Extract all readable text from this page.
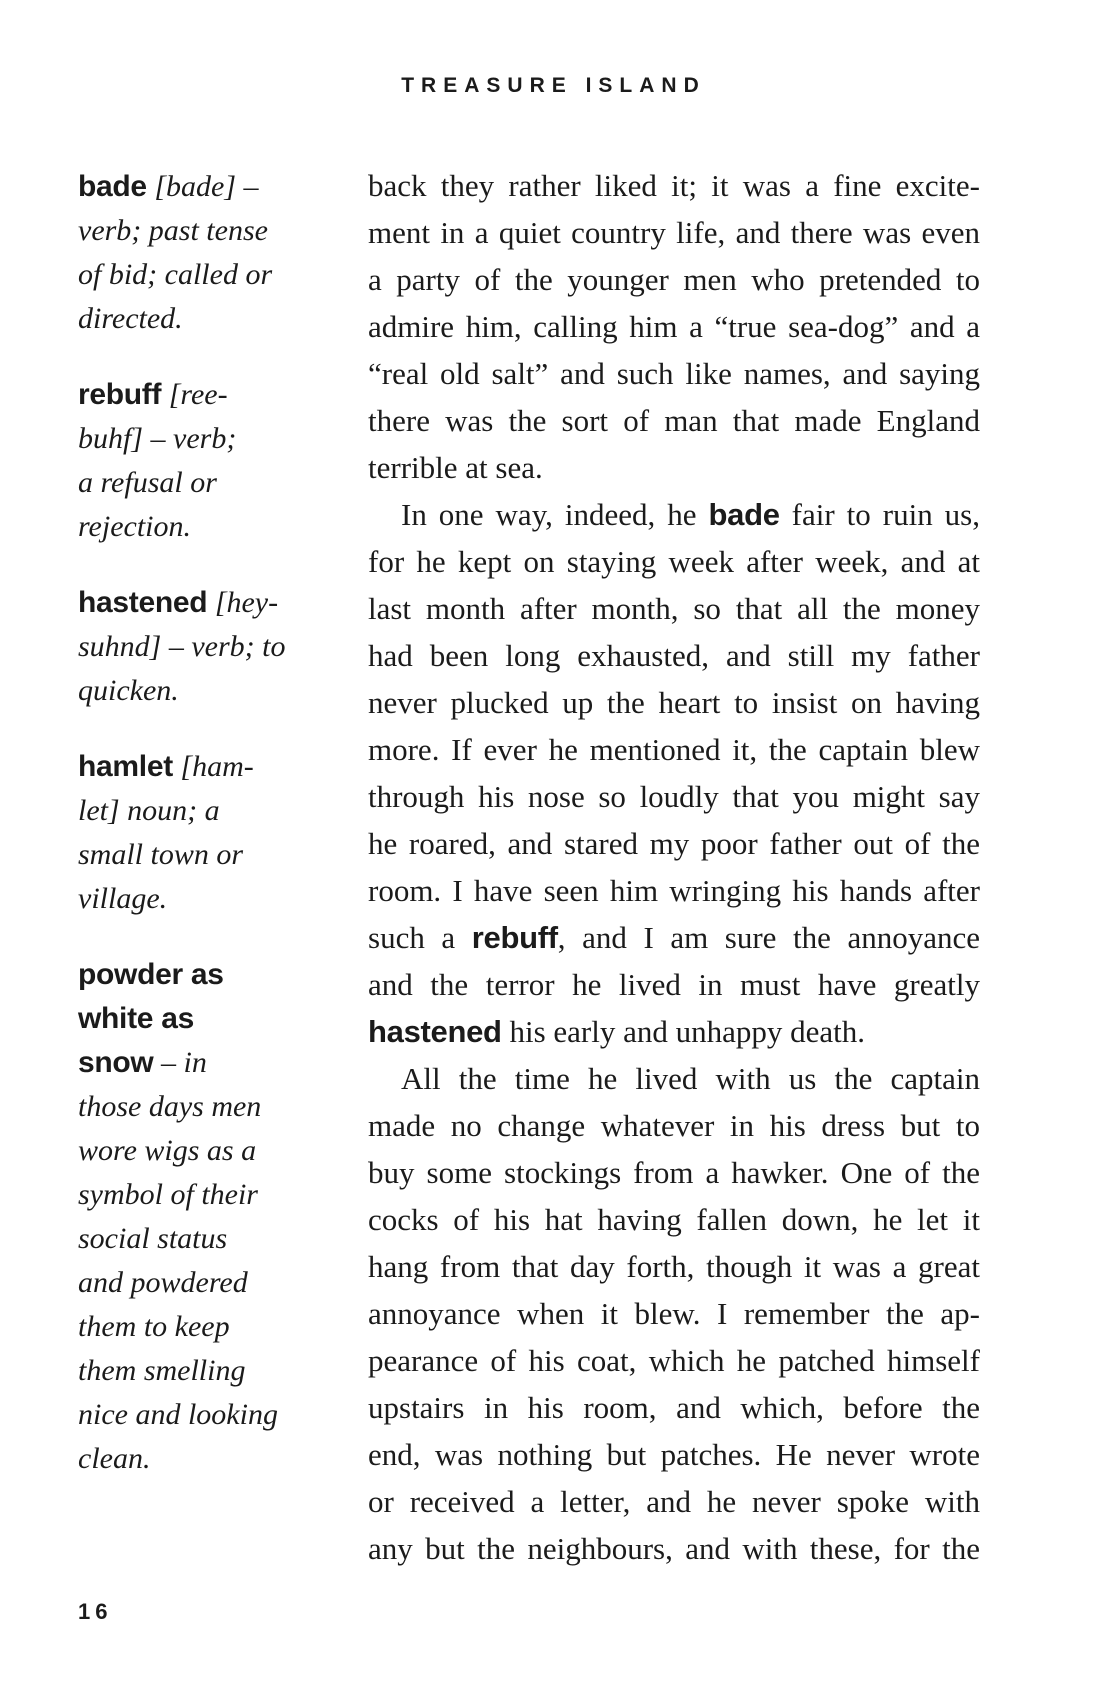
TREASURE ISLAND
bade [bade] –
verb; past tense
of bid; called or
directed.
rebuff [ree-
buhf] – verb;
a refusal or
rejection.
hastened [hey-
suhnd] – verb; to
quicken.
hamlet [ham-
let] noun; a
small town or
village.
powder as
white as
snow – in
those days men
wore wigs as a
symbol of their
social status
and powdered
them to keep
them smelling
nice and looking
clean.
back they rather liked it; it was a fine excite-
ment in a quiet country life, and there was even
a party of the younger men who pretended to
admire him, calling him a “true sea-dog” and a
“real old salt” and such like names, and saying
there was the sort of man that made England
terrible at sea.
In one way, indeed, he bade fair to ruin us,
for he kept on staying week after week, and at
last month after month, so that all the money
had been long exhausted, and still my father
never plucked up the heart to insist on having
more. If ever he mentioned it, the captain blew
through his nose so loudly that you might say
he roared, and stared my poor father out of the
room. I have seen him wringing his hands after
such a rebuff, and I am sure the annoyance
and the terror he lived in must have greatly
hastened his early and unhappy death.
All the time he lived with us the captain
made no change whatever in his dress but to
buy some stockings from a hawker. One of the
cocks of his hat having fallen down, he let it
hang from that day forth, though it was a great
annoyance when it blew. I remember the ap-
pearance of his coat, which he patched himself
upstairs in his room, and which, before the
end, was nothing but patches. He never wrote
or received a letter, and he never spoke with
any but the neighbours, and with these, for the
16
